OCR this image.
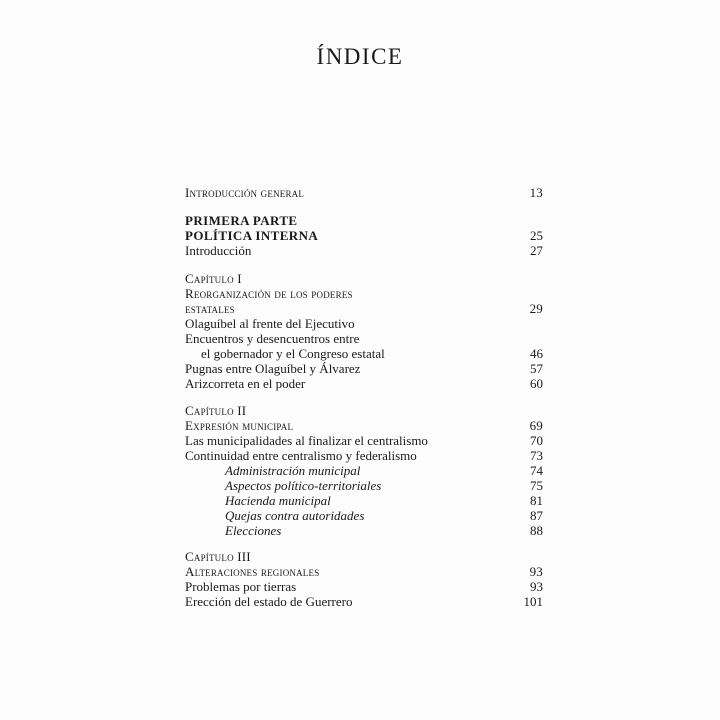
ÍNDICE
Introducción general	13
PRIMERA PARTE
POLÍTICA INTERNA	25
Introducción	27
Capítulo I
Reorganización de los poderes
estatales	29
Olaguíbel al frente del Ejecutivo
Encuentros y desencuentros entre
el gobernador y el Congreso estatal	46
Pugnas entre Olaguíbel y Álvarez	57
Arizcorreta en el poder	60
Capítulo II
Expresión municipal	69
Las municipalidades al finalizar el centralismo	70
Continuidad entre centralismo y federalismo	73
Administración municipal	74
Aspectos político-territoriales	75
Hacienda municipal	81
Quejas contra autoridades	87
Elecciones	88
Capítulo III
Alteraciones regionales	93
Problemas por tierras	93
Erección del estado de Guerrero	101
